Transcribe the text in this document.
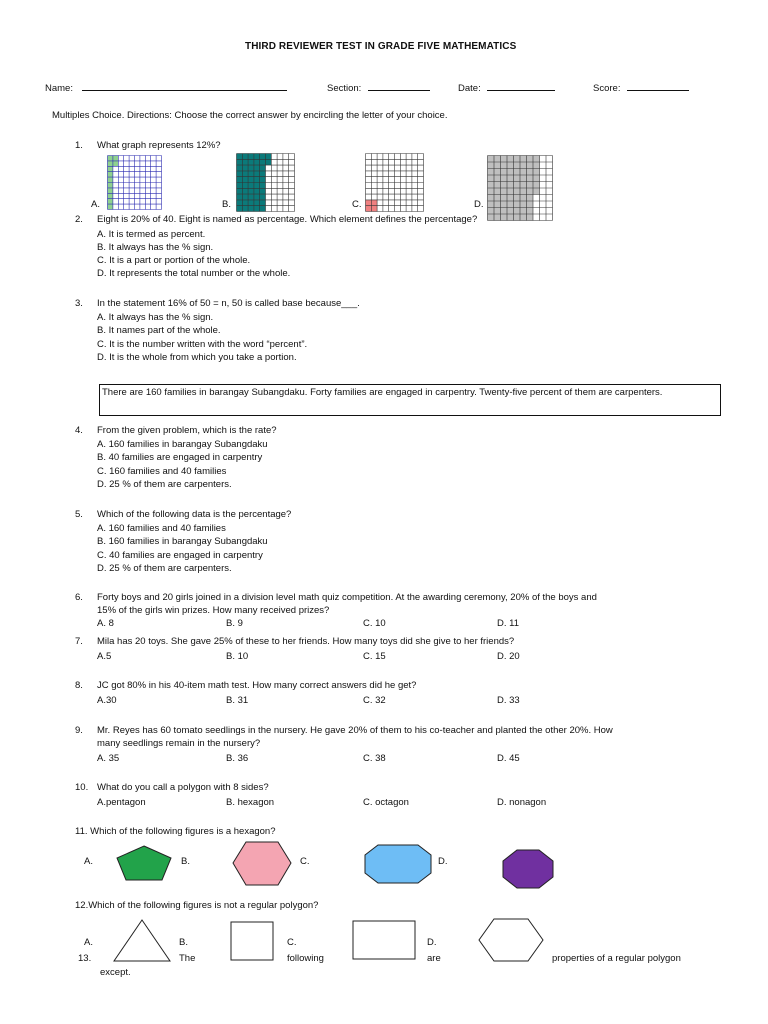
THIRD REVIEWER TEST IN GRADE FIVE MATHEMATICS
Name:	Section:	Date:	Score:
Multiples Choice. Directions: Choose the correct answer by encircling the letter of your choice.
1. What graph represents 12%?
A.	B.	C.	D.
2. Eight is 20% of 40. Eight is named as percentage. Which element defines the percentage?
A. It is termed as percent.
B. It always has the % sign.
C. It is a part or portion of the whole.
D. It represents the total number or the whole.
3. In the statement 16% of 50 = n, 50 is called base because___.
A. It always has the % sign.
B. It names part of the whole.
C. It is the number written with the word “percent”.
D. It is the whole from which you take a portion.
There are 160 families in barangay Subangdaku. Forty families are engaged in carpentry. Twenty-five percent of them are carpenters.
4. From the given problem, which is the rate?
A. 160 families in barangay Subangdaku
B. 40 families are engaged in carpentry
C. 160 families and 40 families
D. 25 % of them are carpenters.
5. Which of the following data is the percentage?
A. 160 families and 40 families
B. 160 families in barangay Subangdaku
C. 40 families are engaged in carpentry
D. 25 % of them are carpenters.
6. Forty boys and 20 girls joined in a division level math quiz competition. At the awarding ceremony, 20% of the boys and
15% of the girls win prizes. How many received prizes?
A. 8	B. 9	C. 10	D. 11
7. Mila has 20 toys. She gave 25% of these to her friends. How many toys did she give to her friends?
A.5	B. 10	C. 15	D. 20
8. JC got 80% in his 40-item math test. How many correct answers did he get?
A.30	B. 31	C. 32	D. 33
9. Mr. Reyes has 60 tomato seedlings in the nursery. He gave 20% of them to his co-teacher and planted the other 20%. How
many seedlings remain in the nursery?
A. 35	B. 36	C. 38	D. 45
10. What do you call a polygon with 8 sides?
A.pentagon	B. hexagon	C. octagon	D. nonagon
11. Which of the following figures is a hexagon?
A.	B.	C.	D.
12.Which of the following figures is not a regular polygon?
A.	B.	C.	D.
13.	The	following	are	properties of a regular polygon
except.
